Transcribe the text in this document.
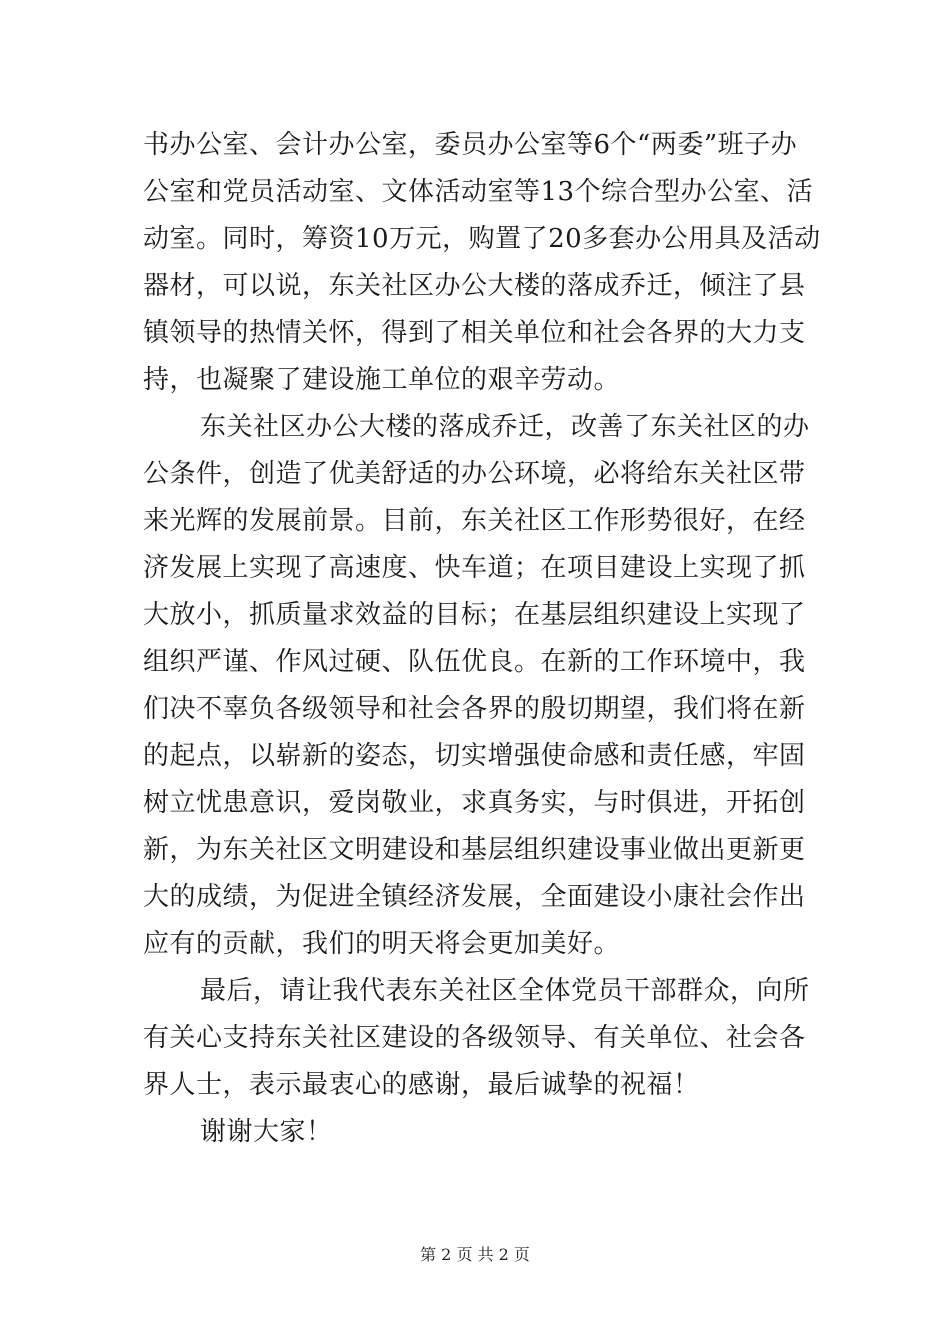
书办公室、会计办公室，委员办公室等6个“两委”班子办
公室和党员活动室、文体活动室等13个综合型办公室、活
动室。同时，筹资10万元，购置了20多套办公用具及活动
器材，可以说，东关社区办公大楼的落成乔迁，倾注了县
镇领导的热情关怀，得到了相关单位和社会各界的大力支
持，也凝聚了建设施工单位的艰辛劳动。
东关社区办公大楼的落成乔迁，改善了东关社区的办
公条件，创造了优美舒适的办公环境，必将给东关社区带
来光辉的发展前景。目前，东关社区工作形势很好，在经
济发展上实现了高速度、快车道；在项目建设上实现了抓
大放小，抓质量求效益的目标；在基层组织建设上实现了
组织严谨、作风过硬、队伍优良。在新的工作环境中，我
们决不辜负各级领导和社会各界的殷切期望，我们将在新
的起点，以崭新的姿态，切实增强使命感和责任感，牢固
树立忧患意识，爱岗敬业，求真务实，与时俱进，开拓创
新，为东关社区文明建设和基层组织建设事业做出更新更
大的成绩，为促进全镇经济发展，全面建设小康社会作出
应有的贡献，我们的明天将会更加美好。
最后，请让我代表东关社区全体党员干部群众，向所
有关心支持东关社区建设的各级领导、有关单位、社会各
界人士，表示最衷心的感谢，最后诚挚的祝福！
谢谢大家！
第 2 页 共 2 页
